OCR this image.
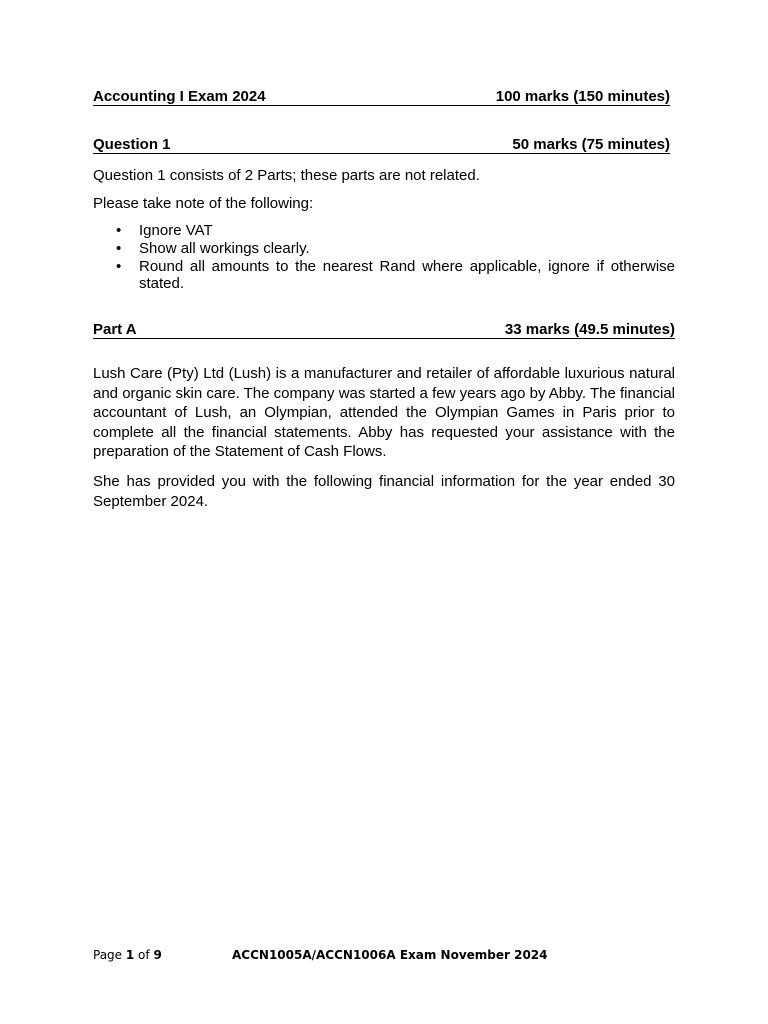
Accounting I Exam 2024	100 marks (150 minutes)
Question 1	50 marks (75 minutes)

Question 1 consists of 2 Parts; these parts are not related.

Please take note of the following:

• Ignore VAT
• Show all workings clearly.
• Round all amounts to the nearest Rand where applicable, ignore if otherwise stated.
Part A	33 marks (49.5 minutes)

Lush Care (Pty) Ltd (Lush) is a manufacturer and retailer of affordable luxurious natural and organic skin care. The company was started a few years ago by Abby. The financial accountant of Lush, an Olympian, attended the Olympian Games in Paris prior to complete all the financial statements. Abby has requested your assistance with the preparation of the Statement of Cash Flows.

She has provided you with the following financial information for the year ended 30 September 2024.

Page 1 of 9	ACCN1005A/ACCN1006A Exam November 2024
